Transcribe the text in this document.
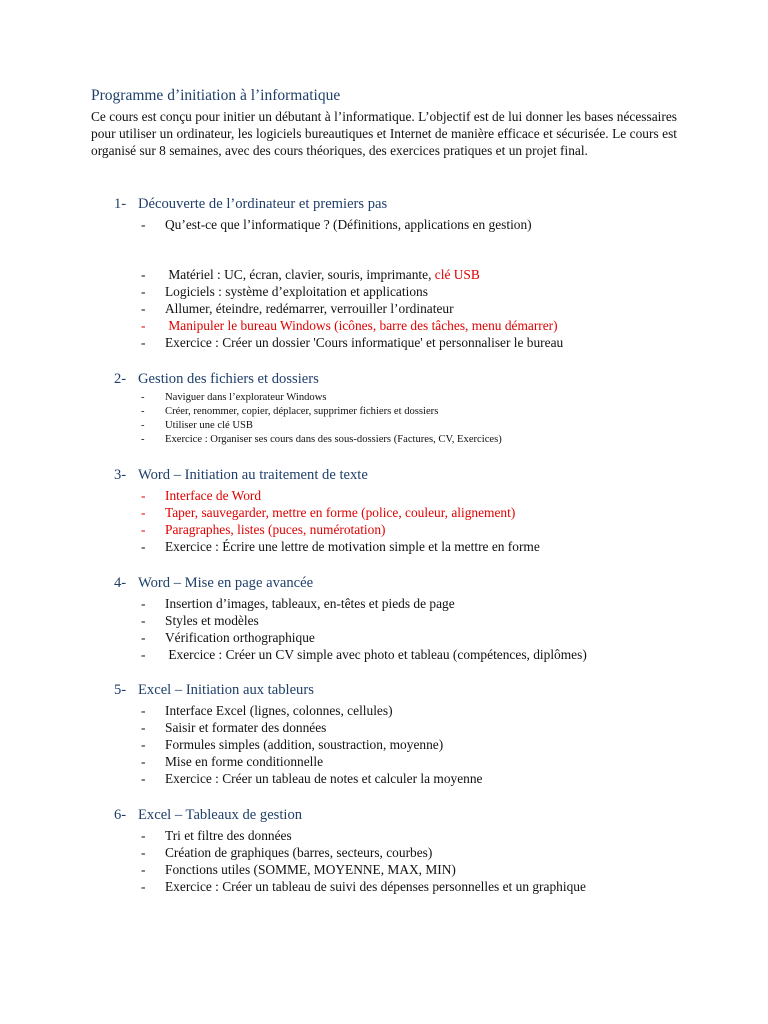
Programme d’initiation à l’informatique
Ce cours est conçu pour initier un débutant à l’informatique. L’objectif est de lui donner les bases nécessaires pour utiliser un ordinateur, les logiciels bureautiques et Internet de manière efficace et sécurisée. Le cours est organisé sur 8 semaines, avec des cours théoriques, des exercices pratiques et un projet final.
1- Découverte de l’ordinateur et premiers pas
- Qu’est-ce que l’informatique ? (Définitions, applications en gestion)
- Matériel : UC, écran, clavier, souris, imprimante, clé USB
- Logiciels : système d’exploitation et applications
- Allumer, éteindre, redémarrer, verrouiller l’ordinateur
- Manipuler le bureau Windows (icônes, barre des tâches, menu démarrer)
- Exercice : Créer un dossier 'Cours informatique' et personnaliser le bureau
2- Gestion des fichiers et dossiers
- Naviguer dans l’explorateur Windows
- Créer, renommer, copier, déplacer, supprimer fichiers et dossiers
- Utiliser une clé USB
- Exercice : Organiser ses cours dans des sous-dossiers (Factures, CV, Exercices)
3- Word – Initiation au traitement de texte
- Interface de Word
- Taper, sauvegarder, mettre en forme (police, couleur, alignement)
- Paragraphes, listes (puces, numérotation)
- Exercice : Écrire une lettre de motivation simple et la mettre en forme
4- Word – Mise en page avancée
- Insertion d’images, tableaux, en-têtes et pieds de page
- Styles et modèles
- Vérification orthographique
- Exercice : Créer un CV simple avec photo et tableau (compétences, diplômes)
5- Excel – Initiation aux tableurs
- Interface Excel (lignes, colonnes, cellules)
- Saisir et formater des données
- Formules simples (addition, soustraction, moyenne)
- Mise en forme conditionnelle
- Exercice : Créer un tableau de notes et calculer la moyenne
6- Excel – Tableaux de gestion
- Tri et filtre des données
- Création de graphiques (barres, secteurs, courbes)
- Fonctions utiles (SOMME, MOYENNE, MAX, MIN)
- Exercice : Créer un tableau de suivi des dépenses personnelles et un graphique
